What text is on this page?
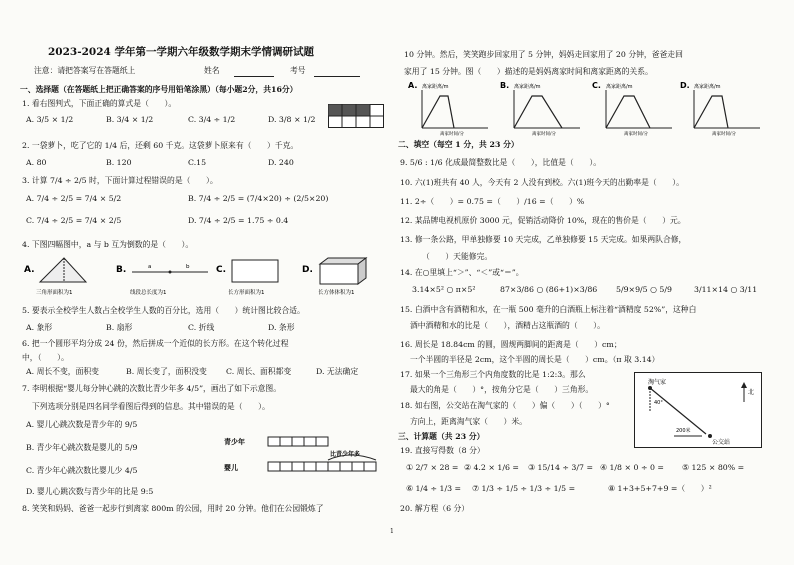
2023-2024 学年第一学期六年级数学期末学情调研试题
注意：请把答案写在答题纸上	姓名	考号
一、选择题（在答题纸上把正确答案的序号用铅笔涂黑）（每小题2分，共16分）
1. 看右图判式，下面正确的算式是（　　）。
A. 3/5 × 1/2	B. 3/4 × 1/2	C. 3/4 ÷ 1/2	D. 3/8 × 1/2
2. 一袋萝卜，吃了它的 1/4 后，还剩 60 千克。这袋萝卜原来有（　　）千克。
A. 80	B. 120	C.15	D. 240
3. 计算 7/4 ÷ 2/5 时，下面计算过程错误的是（　　）。
A. 7/4 ÷ 2/5 = 7/4 × 5/2	B. 7/4 ÷ 2/5 = (7/4×20) ÷ (2/5×20)
C. 7/4 ÷ 2/5 = 7/4 × 2/5	D. 7/4 ÷ 2/5 = 1.75 ÷ 0.4
4. 下图四幅图中，a 与 b 互为倒数的是（　　）。
A.
三角形面积为1
B.	a	b
线段总长度为1
C.
长方形面积为1
D.
长方体体积为1
5. 要表示全校学生人数占全校学生人数的百分比，选用（　　）统计图比较合适。
A. 象形	B. 扇形	C. 折线	D. 条形
6. 把一个圆形平均分成 24 份，然后拼成一个近似的长方形。在这个转化过程
中，（　　）。
A. 周长不变，面积变	B. 周长变了，面积没变 C. 周长、面积都变	D. 无法确定
7. 李明根据“婴儿每分钟心跳的次数比青少年多 4/5”，画出了如下示意图。
下列选项分别是四名同学看图后得到的信息。其中错误的是（　　）。
A. 婴儿心跳次数是青少年的 9/5
B. 青少年心跳次数是婴儿的 5/9
C. 青少年心跳次数比婴儿少 4/5
D. 婴儿心跳次数与青少年的比是 9:5
青少年
比青少年多
婴儿
8. 笑笑和妈妈、爸爸一起步行到离家 800m 的公园，用时 20 分钟。他们在公园锻炼了
10 分钟。然后，笑笑跑步回家用了 5 分钟，妈妈走回家用了 20 分钟，爸爸走回
家用了 15 分钟。图（　　）描述的是妈妈离家时间和离家距离的关系。
A. 离家距离/m
离家时间/分
B. 离家距离/m
离家时间/分
C. 离家距离/m
离家时间/分
D. 离家距离/m
离家时间/分
二、填空（每空 1 分，共 23 分）
9. 5/6 : 1/6 化成最简整数比是（　　），比值是（　　）。
10. 六(1)班共有 40 人，今天有 2 人没有到校。六(1)班今天的出勤率是（　　）。
11. 2÷（　　）= 0.75 =（　　）/16 =（　　）%
12. 某品牌电视机原价 3000 元，促销活动降价 10%，现在的售价是（　　）元。
13. 修一条公路，甲单独修要 10 天完成，乙单独修要 15 天完成。如果两队合修，
（　　）天能修完。
14. 在○里填上“＞”、“＜”或“＝”。
3.14×5² ○ π×5²	87×3/86 ○ (86+1)×3/86 5/9×9/5 ○ 5/9	3/11×14 ○ 3/11
15. 白酒中含有酒精和水，在一瓶 500 毫升的白酒瓶上标注着“酒精度 52%”，这种白
酒中酒精和水的比是（　　），酒精占这瓶酒的（　　）。
16. 周长是 18.84cm 的圆，圆规两脚间的距离是（　　）cm；
一个半圆的半径是 2cm，这个半圆的周长是（　　）cm。（π 取 3.14）
17. 如果一个三角形三个内角度数的比是 1:2:3。那么
最大的角是（　　）°，按角分它是（　　）三角形。
18. 如右图，公交站在淘气家的（　　）偏（　　）（　　）°
方向上，距离淘气家（　　）米。
淘气家
40°
北
200米
公交站
三、计算题（共 23 分）
19. 直接写得数（8 分）
① 2/7 × 28 = ② 4.2 × 1/6 = ③ 15/14 ÷ 3/7 = ④ 1/8 × 0 ÷ 0 = ⑤ 125 × 80% =
⑥ 1/4 ÷ 1/3 = ⑦ 1/3 ÷ 1/5 ÷ 1/3 ÷ 1/5 =	⑧ 1+3+5+7+9 =（　　）²
20. 解方程（6 分）
1
